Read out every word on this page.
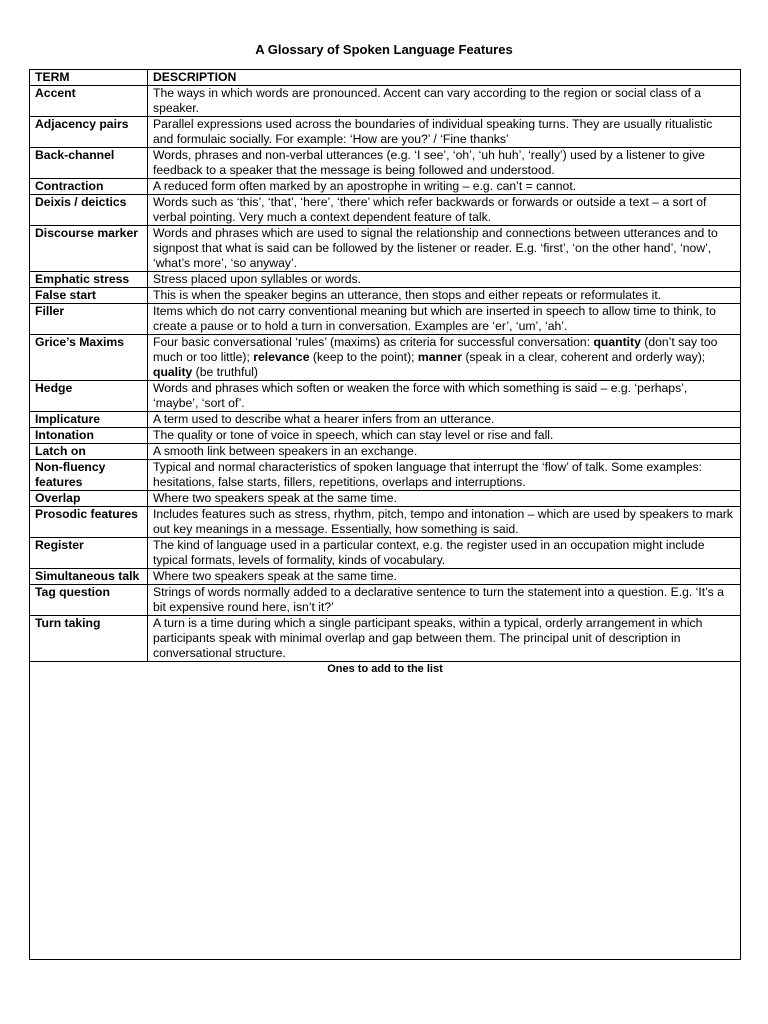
A Glossary of Spoken Language Features
TERM	DESCRIPTION
Accent	The ways in which words are pronounced. Accent can vary according to the region or social class of a speaker.
Adjacency pairs	Parallel expressions used across the boundaries of individual speaking turns. They are usually ritualistic and formulaic socially. For example: ‘How are you?’ / ‘Fine thanks’
Back-channel	Words, phrases and non-verbal utterances (e.g. ‘I see’, ‘oh’, ‘uh huh’, ‘really’) used by a listener to give feedback to a speaker that the message is being followed and understood.
Contraction	A reduced form often marked by an apostrophe in writing – e.g. can’t = cannot.
Deixis / deictics	Words such as ‘this’, ‘that’, ‘here’, ‘there’ which refer backwards or forwards or outside a text – a sort of verbal pointing. Very much a context dependent feature of talk.
Discourse marker	Words and phrases which are used to signal the relationship and connections between utterances and to signpost that what is said can be followed by the listener or reader. E.g. ‘first’, ‘on the other hand’, ‘now’, ‘what’s more’, ‘so anyway’.
Emphatic stress	Stress placed upon syllables or words.
False start	This is when the speaker begins an utterance, then stops and either repeats or reformulates it.
Filler	Items which do not carry conventional meaning but which are inserted in speech to allow time to think, to create a pause or to hold a turn in conversation. Examples are ‘er’, ‘um’, ‘ah’.
Grice’s Maxims	Four basic conversational ‘rules’ (maxims) as criteria for successful conversation: quantity (don’t say too much or too little); relevance (keep to the point); manner (speak in a clear, coherent and orderly way); quality (be truthful)
Hedge	Words and phrases which soften or weaken the force with which something is said – e.g. ‘perhaps’, ‘maybe’, ‘sort of’.
Implicature	A term used to describe what a hearer infers from an utterance.
Intonation	The quality or tone of voice in speech, which can stay level or rise and fall.
Latch on	A smooth link between speakers in an exchange.
Non-fluency features	Typical and normal characteristics of spoken language that interrupt the ‘flow’ of talk. Some examples: hesitations, false starts, fillers, repetitions, overlaps and interruptions.
Overlap	Where two speakers speak at the same time.
Prosodic features	Includes features such as stress, rhythm, pitch, tempo and intonation – which are used by speakers to mark out key meanings in a message. Essentially, how something is said.
Register	The kind of language used in a particular context, e.g. the register used in an occupation might include typical formats, levels of formality, kinds of vocabulary.
Simultaneous talk	Where two speakers speak at the same time.
Tag question	Strings of words normally added to a declarative sentence to turn the statement into a question. E.g. ‘It’s a bit expensive round here, isn’t it?’
Turn taking	A turn is a time during which a single participant speaks, within a typical, orderly arrangement in which participants speak with minimal overlap and gap between them. The principal unit of description in conversational structure.
Ones to add to the list
